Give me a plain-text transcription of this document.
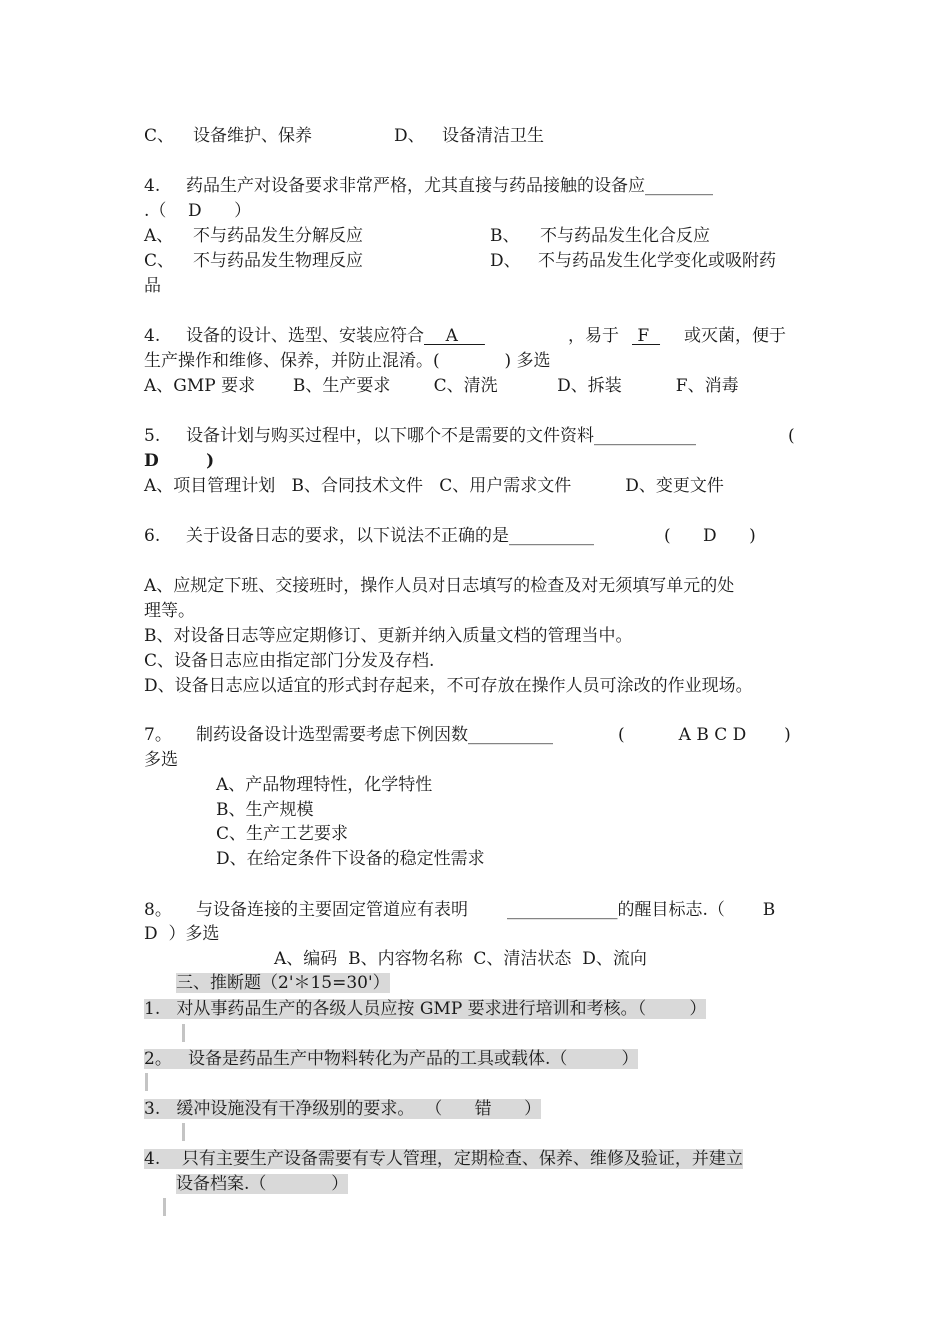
C、 设备维护、保养	D、 设备清洁卫生
4. 药品生产对设备要求非常严格，尤其直接与药品接触的设备应________
.（    D      ）
A、 不与药品发生分解反应	B、 不与药品发生化合反应
C、 不与药品发生物理反应	D、 不与药品发生化学变化或吸附药
品
4. 设备的设计、选型、安装应符合    A	，易于 F 或灭菌，便于
生产操作和维修、保养，并防止混淆。(            ) 多选
A、GMP 要求       B、生产要求        C、清洗           D、拆装          F、消毒
5. 设备计划与购买过程中，以下哪个不是需要的文件资料____________	(
D        )
A、项目管理计划   B、合同技术文件   C、用户需求文件          D、变更文件
6. 关于设备日志的要求，以下说法不正确的是__________	(      D      )
A、应规定下班、交接班时，操作人员对日志填写的检查及对无须填写单元的处
理等。
B、对设备日志等应定期修订、更新并纳入质量文档的管理当中。
C、设备日志应由指定部门分发及存档.
D、设备日志应以适宜的形式封存起来，不可存放在操作人员可涂改的作业现场。
7。 制药设备设计选型需要考虑下例因数__________	(          A B C D       )
多选
A、产品物理特性，化学特性
B、生产规模
C、生产工艺要求
D、在给定条件下设备的稳定性需求
8。 与设备连接的主要固定管道应有表明 _____________的醒目标志.（       B
D  ）多选
A、编码  B、内容物名称  C、清洁状态  D、流向
三、推断题（2'＊15=30'）
1.   对从事药品生产的各级人员应按 GMP 要求进行培训和考核。（        ）
2。   设备是药品生产中物料转化为产品的工具或载体.（          ）
3.   缓冲设施没有干净级别的要求。  （      错      ）
4.    只有主要生产设备需要有专人管理，定期检查、保养、维修及验证，并建立
设备档案.（            ）
